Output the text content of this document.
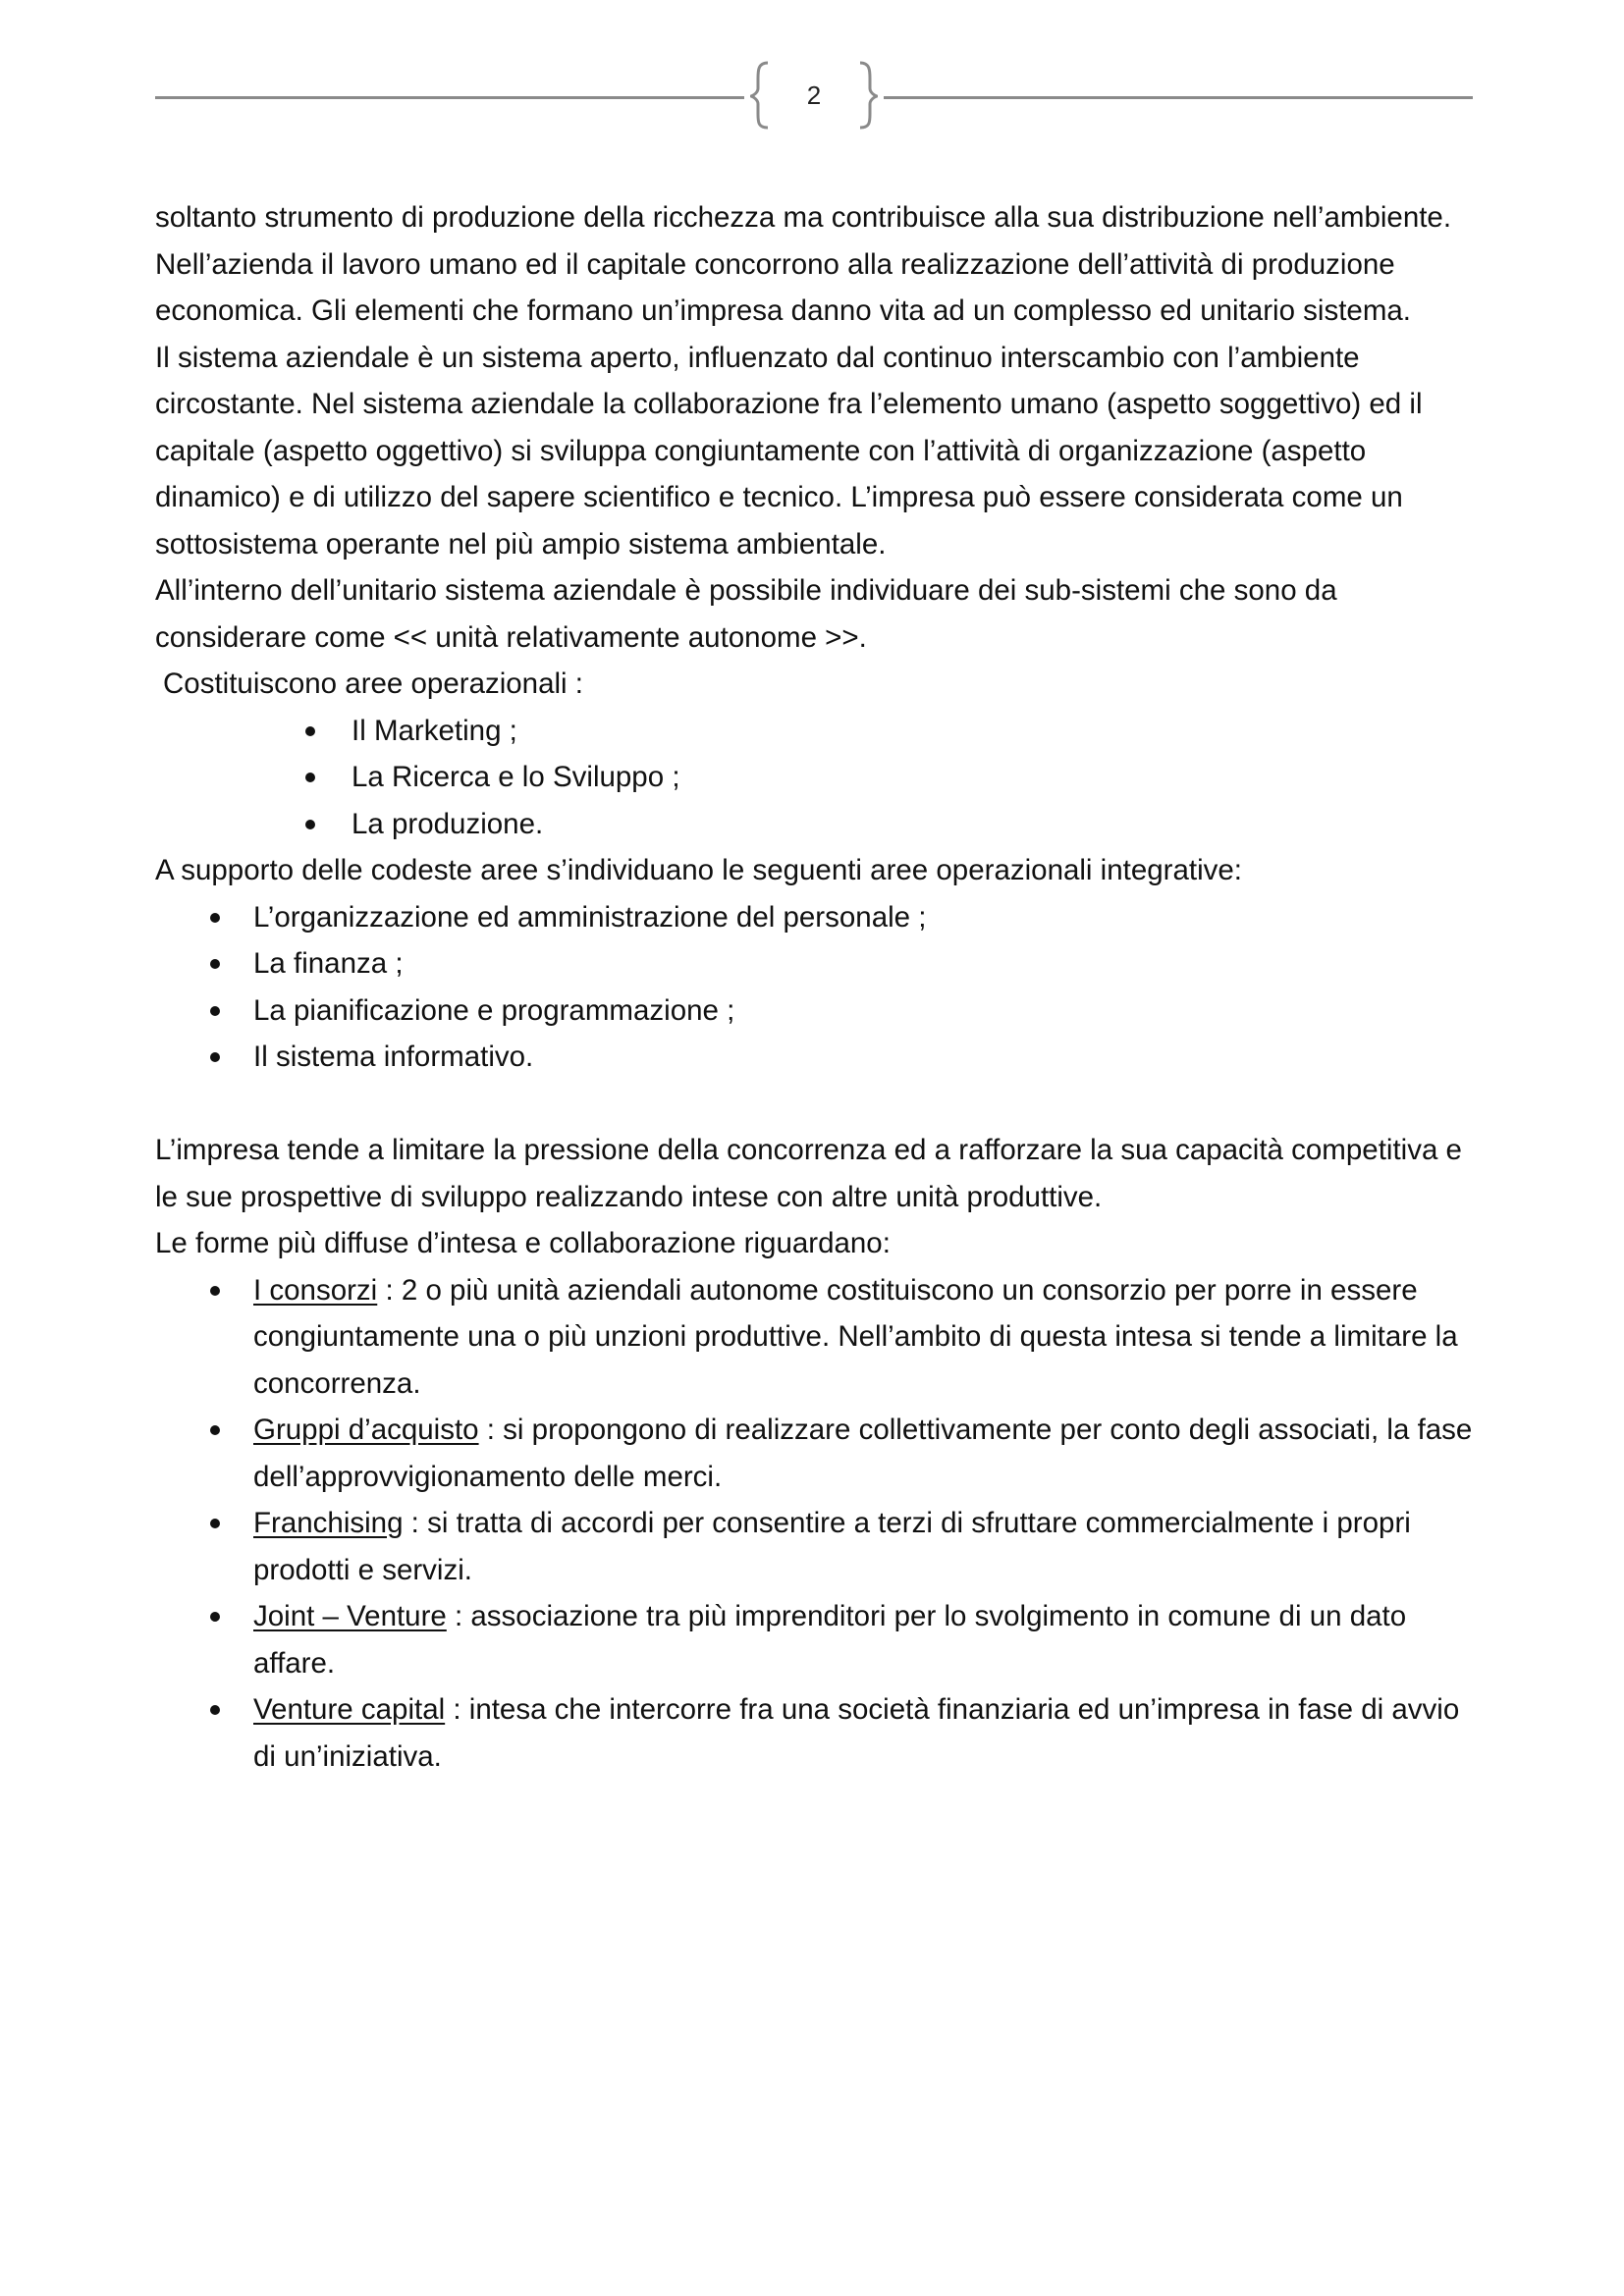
2

soltanto strumento di produzione della ricchezza ma contribuisce alla sua distribuzione nell’ambiente.

Nell’azienda il lavoro umano ed il capitale concorrono alla realizzazione dell’attività di produzione economica. Gli elementi che formano un’impresa danno vita ad un complesso ed unitario sistema.

Il sistema aziendale è un sistema aperto, influenzato dal continuo interscambio con l’ambiente circostante. Nel sistema aziendale la collaborazione fra l’elemento umano (aspetto soggettivo) ed il capitale (aspetto oggettivo) si sviluppa congiuntamente con l’attività di organizzazione (aspetto dinamico) e di utilizzo del sapere scientifico e tecnico. L’impresa può essere considerata come un sottosistema operante nel più ampio sistema ambientale.

All’interno dell’unitario sistema aziendale è possibile individuare dei sub-sistemi che sono da considerare come << unità relativamente autonome >>.

Costituiscono aree operazionali :

Il Marketing ;
La Ricerca e lo Sviluppo ;
La produzione.

A supporto delle codeste aree s’individuano le seguenti aree operazionali integrative:

L’organizzazione ed amministrazione del personale ;
La finanza ;
La pianificazione e programmazione ;
Il sistema informativo.

L’impresa tende a limitare la pressione della concorrenza ed a rafforzare la sua capacità competitiva e le sue prospettive di sviluppo realizzando intese con altre unità produttive.

Le forme più diffuse d’intesa e collaborazione riguardano:

I consorzi : 2 o più unità aziendali autonome costituiscono un consorzio per porre in essere congiuntamente una o più unzioni produttive. Nell’ambito di questa intesa si tende a limitare la concorrenza.
Gruppi d’acquisto : si propongono di realizzare collettivamente per conto degli associati, la fase dell’approvvigionamento delle merci.
Franchising : si tratta di accordi per consentire a terzi di sfruttare commercialmente i propri prodotti e servizi.
Joint – Venture : associazione tra più imprenditori per lo svolgimento in comune di un dato affare.
Venture capital : intesa che intercorre fra una società finanziaria ed un’impresa in fase di avvio di un’iniziativa.
